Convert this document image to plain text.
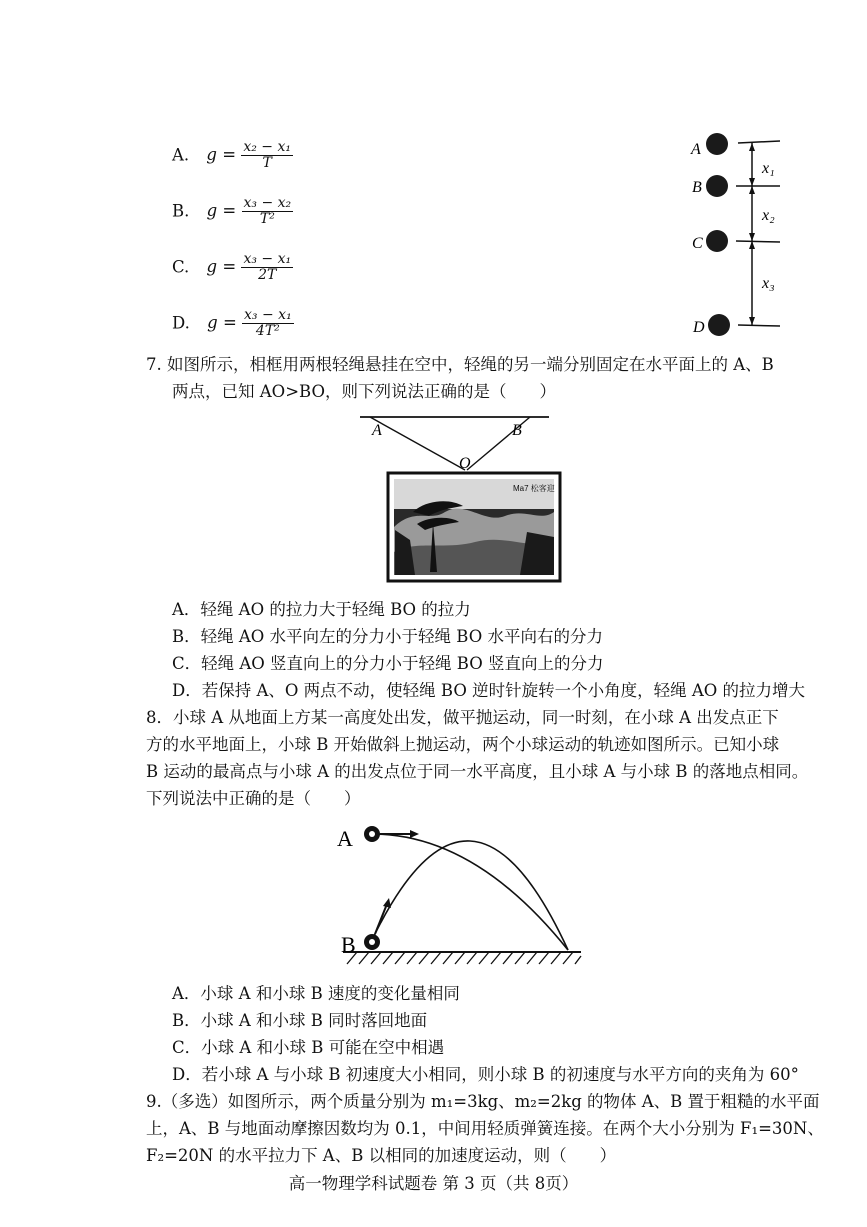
A. $g = \frac{\text{x₂ − x₁}}{T}$
B. $g = \frac{\text{x₃ − x₂}}{\text{T²}}$
C. $g = \frac{\text{x₃ − x₁}}{2T}$
D. $g = \frac{\text{x₃ − x₁}}{\text{4T²}}$
A
B
C
D
x₁
x₂
x₃
7. 如图所示，相框用两根轻绳悬挂在空中，轻绳的另一端分别固定在水平面上的 A、B
两点，已知 AO>BO，则下列说法正确的是（　　）
A	B
O
Ma7 松客迎
A．轻绳 AO 的拉力大于轻绳 BO 的拉力
B．轻绳 AO 水平向左的分力小于轻绳 BO 水平向右的分力
C．轻绳 AO 竖直向上的分力小于轻绳 BO 竖直向上的分力
D．若保持 A、O 两点不动，使轻绳 BO 逆时针旋转一个小角度，轻绳 AO 的拉力增大
8．小球 A 从地面上方某一高度处出发，做平抛运动，同一时刻，在小球 A 出发点正下
方的水平地面上，小球 B 开始做斜上抛运动，两个小球运动的轨迹如图所示。已知小球
B 运动的最高点与小球 A 的出发点位于同一水平高度，且小球 A 与小球 B 的落地点相同。
下列说法中正确的是（　　）
A
B
A．小球 A 和小球 B 速度的变化量相同
B．小球 A 和小球 B 同时落回地面
C．小球 A 和小球 B 可能在空中相遇
D．若小球 A 与小球 B 初速度大小相同，则小球 B 的初速度与水平方向的夹角为 60°
9.（多选）如图所示，两个质量分别为 m₁=3kg、m₂=2kg 的物体 A、B 置于粗糙的水平面
上，A、B 与地面动摩擦因数均为 0.1，中间用轻质弹簧连接。在两个大小分别为 F₁=30N、
F₂=20N 的水平拉力下 A、B 以相同的加速度运动，则（　　）
高一物理学科试题卷 第 3 页（共 8页）
